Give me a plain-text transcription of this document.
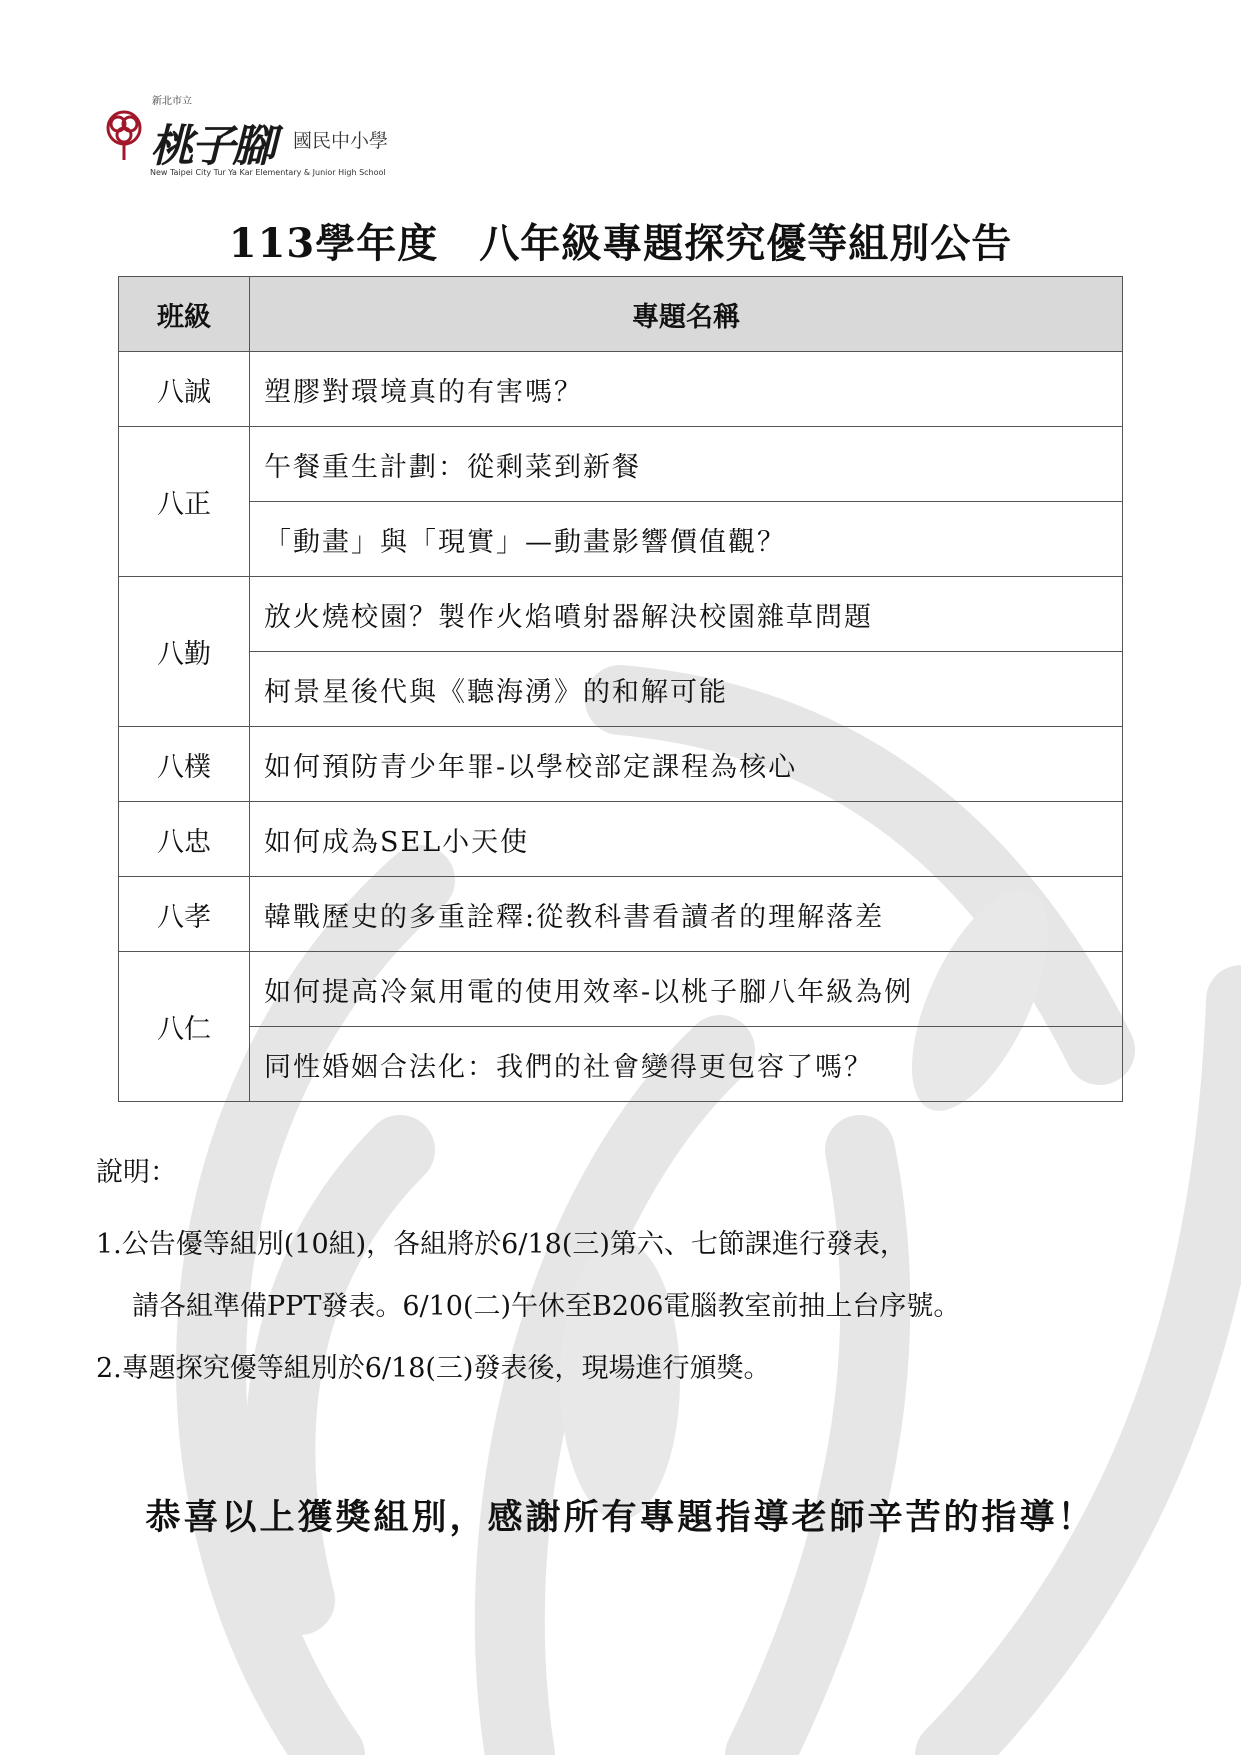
新北市立
桃子腳 國民中小學
New Taipei City Tur Ya Kar Elementary & Junior High School
113學年度　八年級專題探究優等組別公告
班級	專題名稱
八誠	塑膠對環境真的有害嗎？
八正	午餐重生計劃：從剩菜到新餐
	「動畫」與「現實」—動畫影響價值觀？
八勤	放火燒校園？製作火焰噴射器解決校園雜草問題
	柯景星後代與《聽海湧》的和解可能
八樸	如何預防青少年罪-以學校部定課程為核心
八忠	如何成為SEL小天使
八孝	韓戰歷史的多重詮釋:從教科書看讀者的理解落差
八仁	如何提高冷氣用電的使用效率-以桃子腳八年級為例
	同性婚姻合法化：我們的社會變得更包容了嗎？

說明：

1.公告優等組別(10組)，各組將於6/18(三)第六、七節課進行發表，

請各組準備PPT發表。6/10(二)午休至B206電腦教室前抽上台序號。

2.專題探究優等組別於6/18(三)發表後，現場進行頒獎。

恭喜以上獲獎組別，感謝所有專題指導老師辛苦的指導！
